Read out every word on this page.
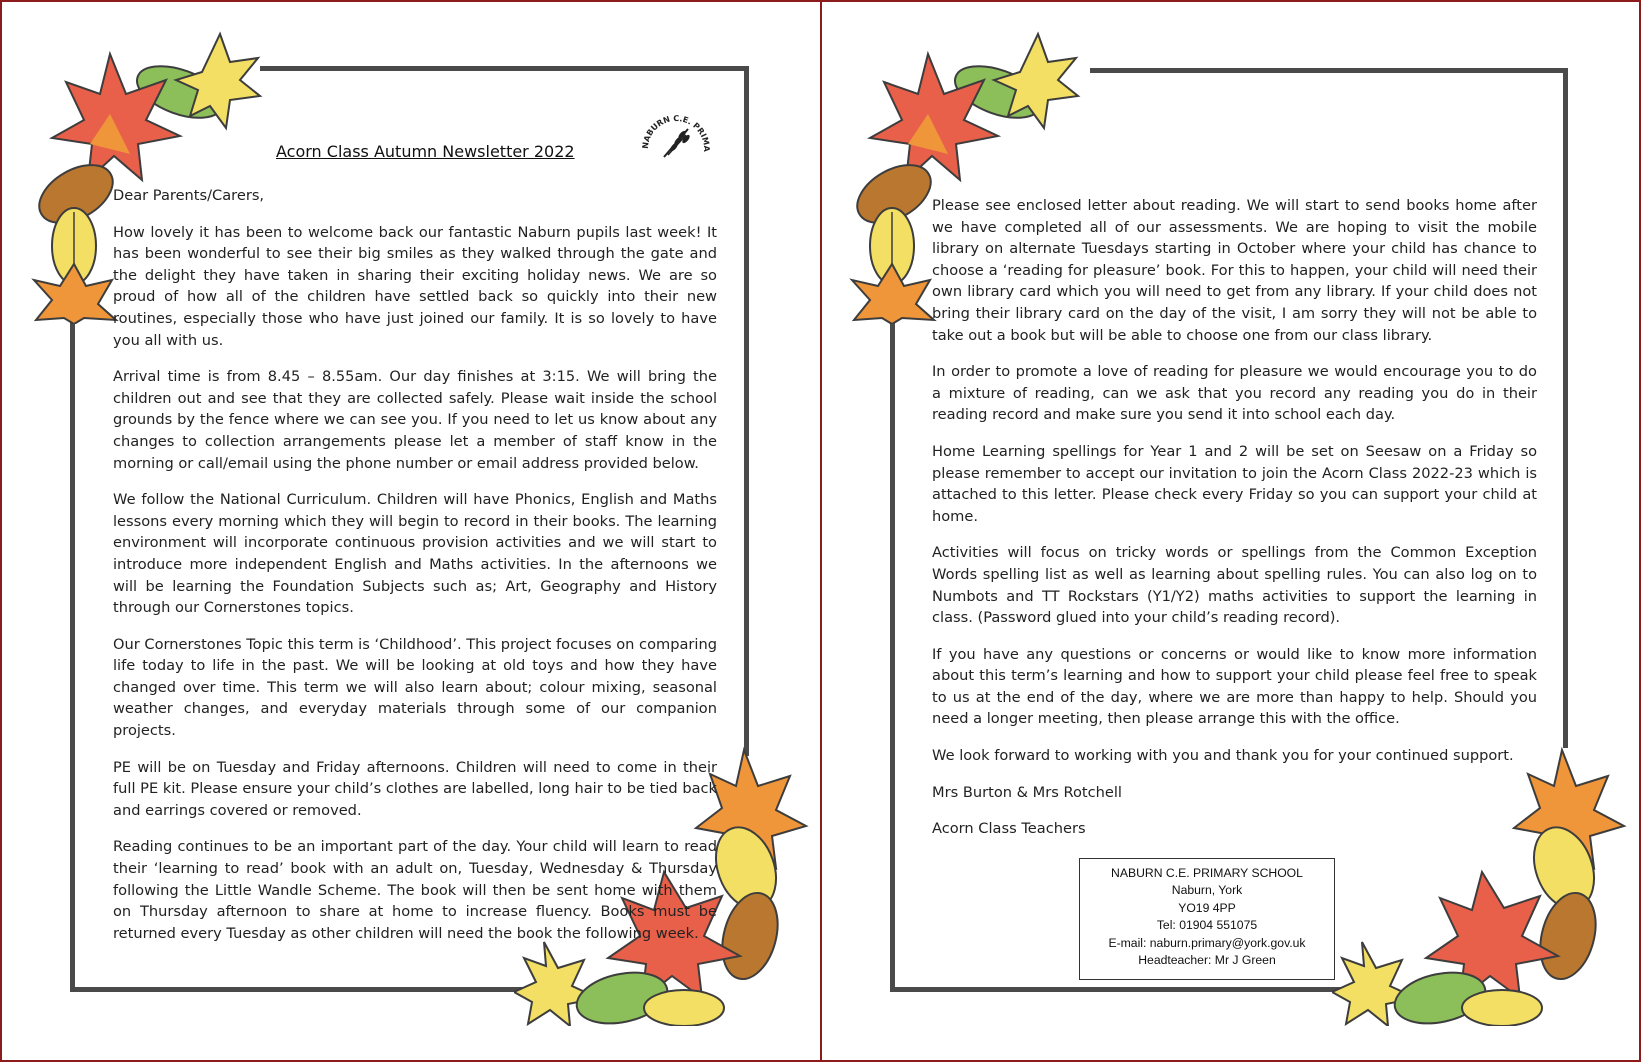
Acorn Class Autumn Newsletter 2022	NABURN C.E. PRIMA

Dear Parents/Carers,

How lovely it has been to welcome back our fantastic Naburn pupils last week! It has been wonderful to see their big smiles as they walked through the gate and the delight they have taken in sharing their exciting holiday news. We are so proud of how all of the children have settled back so quickly into their new routines, especially those who have just joined our family. It is so lovely to have you all with us.

Arrival time is from 8.45 – 8.55am. Our day finishes at 3:15. We will bring the children out and see that they are collected safely. Please wait inside the school grounds by the fence where we can see you. If you need to let us know about any changes to collection arrangements please let a member of staff know in the morning or call/email using the phone number or email address provided below.

We follow the National Curriculum. Children will have Phonics, English and Maths lessons every morning which they will begin to record in their books. The learning environment will incorporate continuous provision activities and we will start to introduce more independent English and Maths activities. In the afternoons we will be learning the Foundation Subjects such as; Art, Geography and History through our Cornerstones topics.

Our Cornerstones Topic this term is ‘Childhood’. This project focuses on comparing life today to life in the past. We will be looking at old toys and how they have changed over time. This term we will also learn about; colour mixing, seasonal weather changes, and everyday materials through some of our companion projects.

PE will be on Tuesday and Friday afternoons. Children will need to come in their full PE kit. Please ensure your child’s clothes are labelled, long hair to be tied back and earrings covered or removed.

Reading continues to be an important part of the day. Your child will learn to read their ‘learning to read’ book with an adult on, Tuesday, Wednesday & Thursday following the Little Wandle Scheme. The book will then be sent home with them on Thursday afternoon to share at home to increase fluency. Books must be returned every Tuesday as other children will need the book the following week.

Please see enclosed letter about reading. We will start to send books home after we have completed all of our assessments. We are hoping to visit the mobile library on alternate Tuesdays starting in October where your child has chance to choose a ‘reading for pleasure’ book. For this to happen, your child will need their own library card which you will need to get from any library. If your child does not bring their library card on the day of the visit, I am sorry they will not be able to take out a book but will be able to choose one from our class library.

In order to promote a love of reading for pleasure we would encourage you to do a mixture of reading, can we ask that you record any reading you do in their reading record and make sure you send it into school each day.

Home Learning spellings for Year 1 and 2 will be set on Seesaw on a Friday so please remember to accept our invitation to join the Acorn Class 2022-23 which is attached to this letter. Please check every Friday so you can support your child at home.

Activities will focus on tricky words or spellings from the Common Exception Words spelling list as well as learning about spelling rules. You can also log on to Numbots and TT Rockstars (Y1/Y2) maths activities to support the learning in class. (Password glued into your child’s reading record).

If you have any questions or concerns or would like to know more information about this term’s learning and how to support your child please feel free to speak to us at the end of the day, where we are more than happy to help. Should you need a longer meeting, then please arrange this with the office.

We look forward to working with you and thank you for your continued support.

Mrs Burton & Mrs Rotchell

Acorn Class Teachers

NABURN C.E. PRIMARY SCHOOL
Naburn, York
YO19 4PP
Tel: 01904 551075
E-mail: naburn.primary@york.gov.uk
Headteacher: Mr J Green
